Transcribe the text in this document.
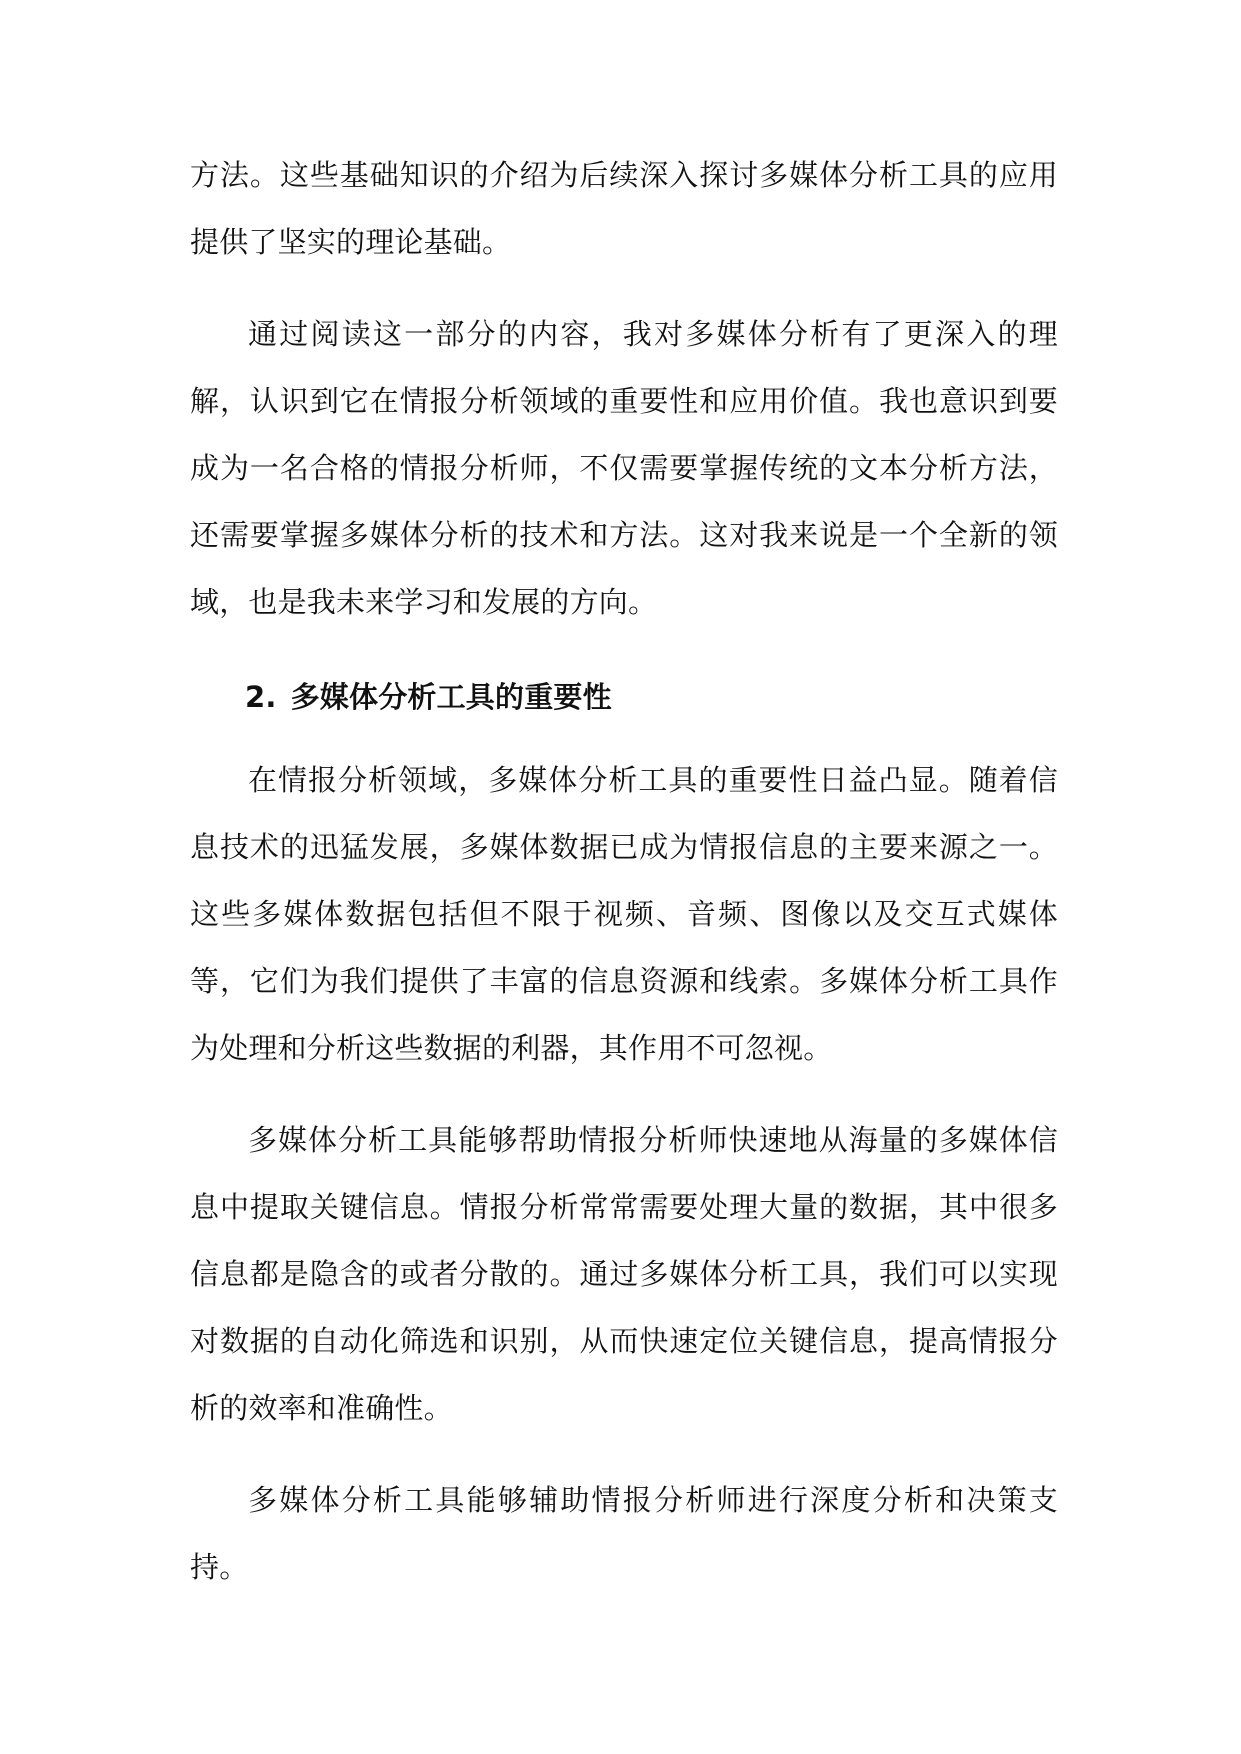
方法。这些基础知识的介绍为后续深入探讨多媒体分析工具的应用提供了坚实的理论基础。

通过阅读这一部分的内容，我对多媒体分析有了更深入的理解，认识到它在情报分析领域的重要性和应用价值。我也意识到要成为一名合格的情报分析师，不仅需要掌握传统的文本分析方法，还需要掌握多媒体分析的技术和方法。这对我来说是一个全新的领域，也是我未来学习和发展的方向。

2. 多媒体分析工具的重要性

在情报分析领域，多媒体分析工具的重要性日益凸显。随着信息技术的迅猛发展，多媒体数据已成为情报信息的主要来源之一。这些多媒体数据包括但不限于视频、音频、图像以及交互式媒体等，它们为我们提供了丰富的信息资源和线索。多媒体分析工具作为处理和分析这些数据的利器，其作用不可忽视。

多媒体分析工具能够帮助情报分析师快速地从海量的多媒体信息中提取关键信息。情报分析常常需要处理大量的数据，其中很多信息都是隐含的或者分散的。通过多媒体分析工具，我们可以实现对数据的自动化筛选和识别，从而快速定位关键信息，提高情报分析的效率和准确性。

多媒体分析工具能够辅助情报分析师进行深度分析和决策支持。
